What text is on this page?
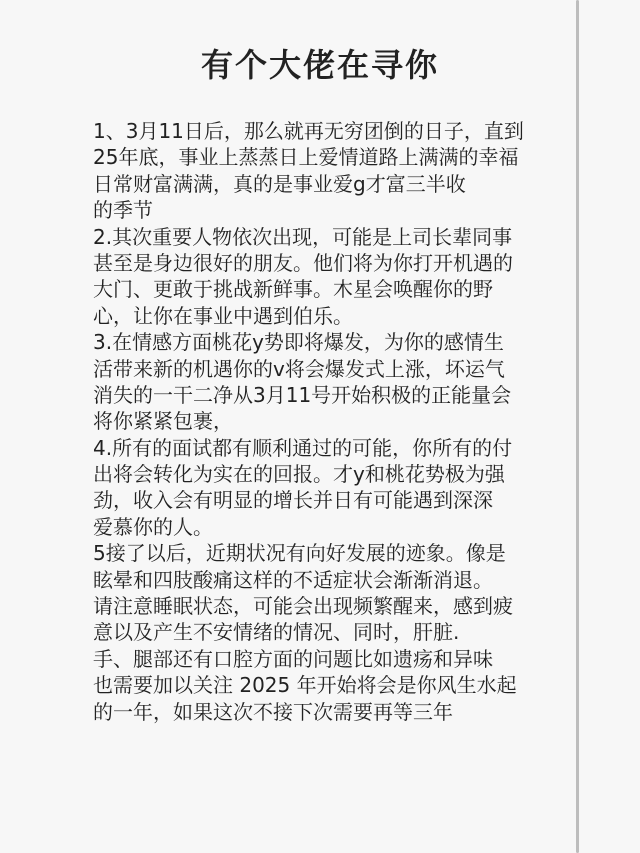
有个大佬在寻你
1、3月11日后，那么就再无穷团倒的日子，直到
25年底，事业上蒸蒸日上爱情道路上满满的幸福
日常财富满满，真的是事业爱g才富三半收
的季节
2.其次重要人物依次出现，可能是上司长辈同事
甚至是身边很好的朋友。他们将为你打开机遇的
大门、更敢于挑战新鲜事。木星会唤醒你的野
心，让你在事业中遇到伯乐。
3.在情感方面桃花y势即将爆发，为你的感情生
活带来新的机遇你的v将会爆发式上涨，坏运气
消失的一干二净从3月11号开始积极的正能量会
将你紧紧包裹，
4.所有的面试都有顺利通过的可能，你所有的付
出将会转化为实在的回报。才y和桃花势极为强
劲，收入会有明显的增长并日有可能遇到深深
爱慕你的人。
5接了以后，近期状况有向好发展的迹象。像是
眩晕和四肢酸痛这样的不适症状会渐渐消退。
请注意睡眠状态，可能会出现频繁醒来，感到疲
意以及产生不安情绪的情况、同时，肝脏.
手、腿部还有口腔方面的问题比如遗疡和异味
也需要加以关注 2025 年开始将会是你风生水起
的一年，如果这次不接下次需要再等三年
